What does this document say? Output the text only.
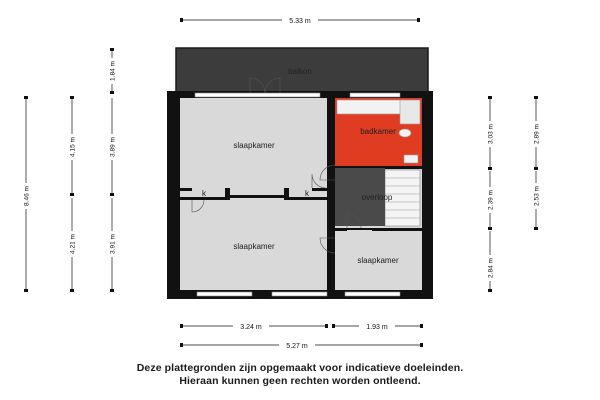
balkon
slaapkamer
slaapkamer
slaapkamer
badkamer
overloop
k	k
5.33 m
3.24 m	1.93 m
5.27 m
8.46 m
4.15 m
4.21 m
1.84 m
3.89 m
3.91 m
3.03 m
2.39 m
2.84 m
2.89 m
2.53 m
Deze plattegronden zijn opgemaakt voor indicatieve doeleinden.
Hieraan kunnen geen rechten worden ontleend.
